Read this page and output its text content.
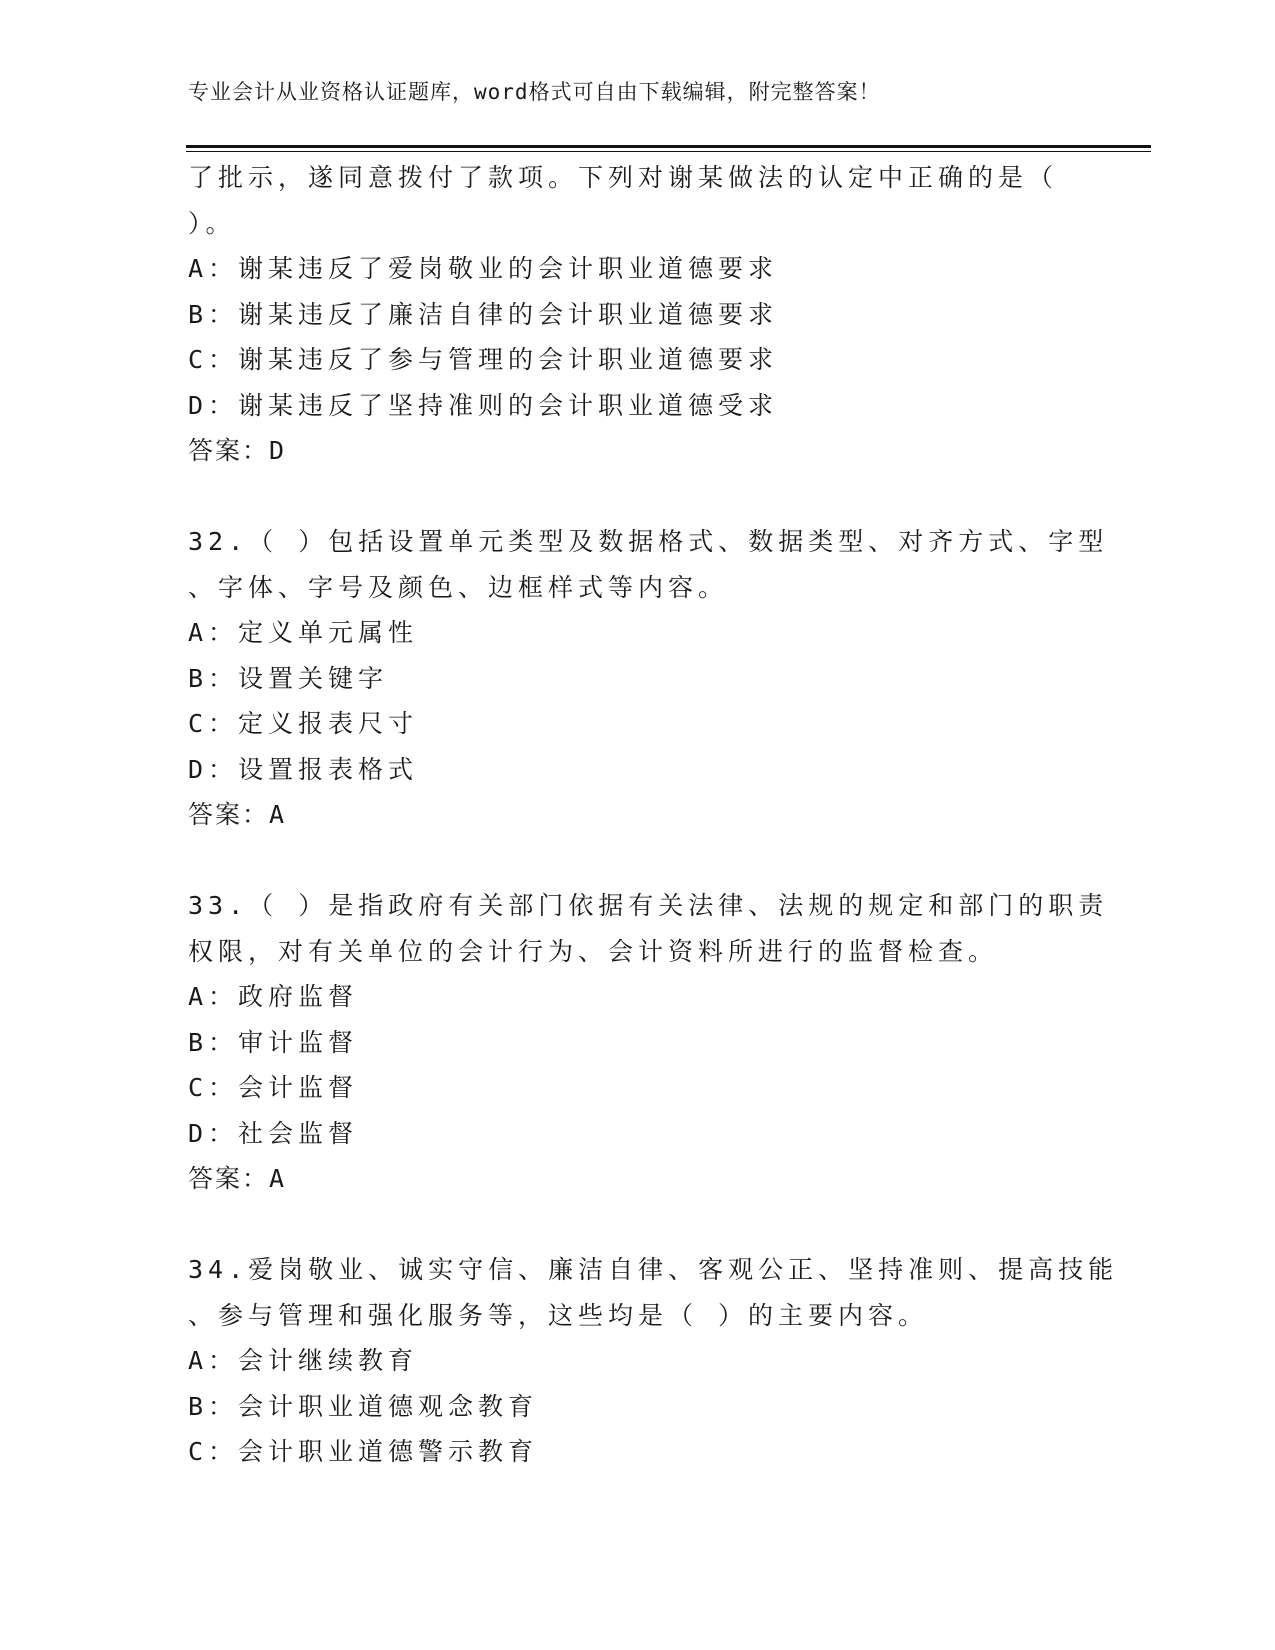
专业会计从业资格认证题库，word格式可自由下载编辑，附完整答案！
了批示，遂同意拨付了款项。下列对谢某做法的认定中正确的是（
）。
A：谢某违反了爱岗敬业的会计职业道德要求
B：谢某违反了廉洁自律的会计职业道德要求
C：谢某违反了参与管理的会计职业道德要求
D：谢某违反了坚持准则的会计职业道德受求
答案：D
32.（ ）包括设置单元类型及数据格式、数据类型、对齐方式、字型
、字体、字号及颜色、边框样式等内容。
A：定义单元属性
B：设置关键字
C：定义报表尺寸
D：设置报表格式
答案：A
33.（ ）是指政府有关部门依据有关法律、法规的规定和部门的职责
权限，对有关单位的会计行为、会计资料所进行的监督检查。
A：政府监督
B：审计监督
C：会计监督
D：社会监督
答案：A
34.爱岗敬业、诚实守信、廉洁自律、客观公正、坚持准则、提高技能
、参与管理和强化服务等，这些均是（ ）的主要内容。
A：会计继续教育
B：会计职业道德观念教育
C：会计职业道德警示教育
